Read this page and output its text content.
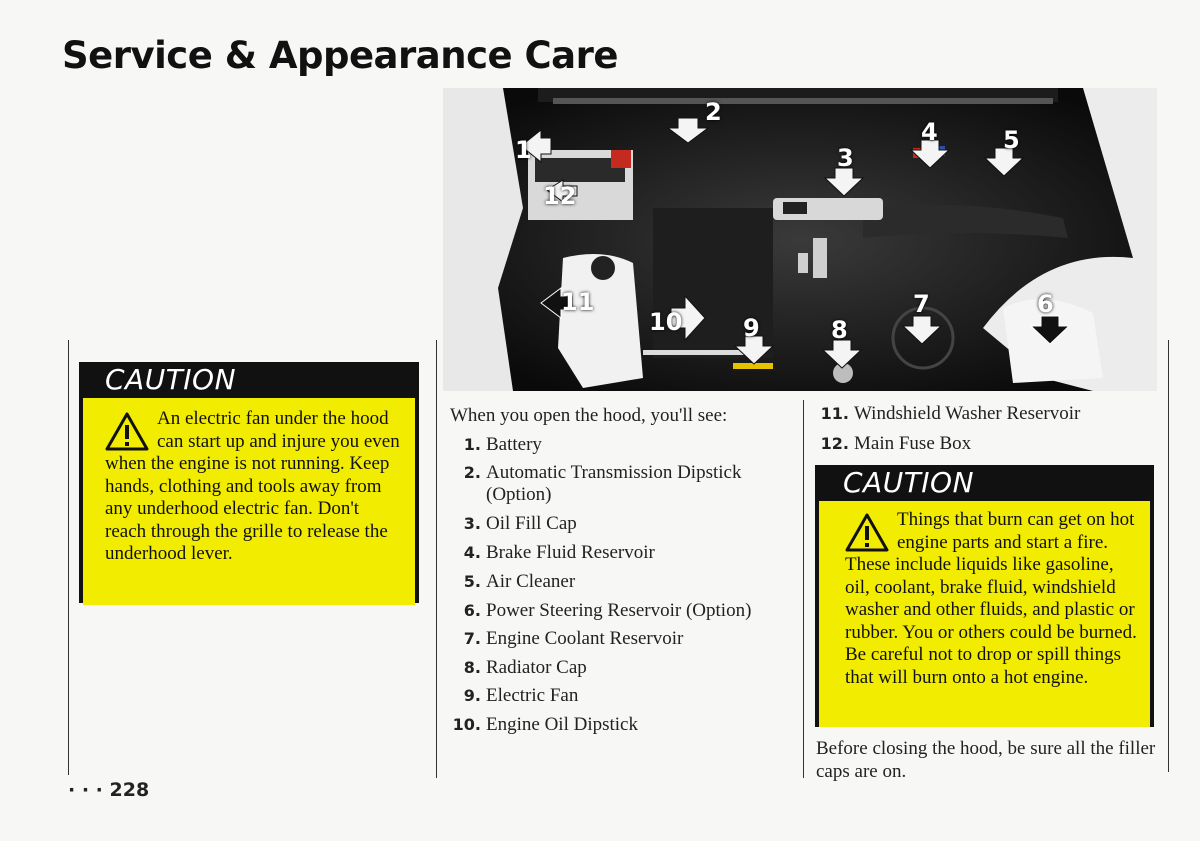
Service & Appearance Care
CAUTION
An electric fan under the hood can start up and injure you even when the engine is not running. Keep hands, clothing and tools away from any underhood electric fan. Don't reach through the grille to release the underhood lever.
1
2
3
4	5
6
7
8
9
10
11
12
When you open the hood, you'll see:
1. Battery
2. Automatic Transmission Dipstick (Option)
3. Oil Fill Cap
4. Brake Fluid Reservoir
5. Air Cleaner
6. Power Steering Reservoir (Option)
7. Engine Coolant Reservoir
8. Radiator Cap
9. Electric Fan
10. Engine Oil Dipstick
11. Windshield Washer Reservoir
12. Main Fuse Box
CAUTION
Things that burn can get on hot engine parts and start a fire. These include liquids like gasoline, oil, coolant, brake fluid, windshield washer and other fluids, and plastic or rubber. You or others could be burned. Be careful not to drop or spill things that will burn onto a hot engine.
Before closing the hood, be sure all the filler caps are on.
· · · 228
